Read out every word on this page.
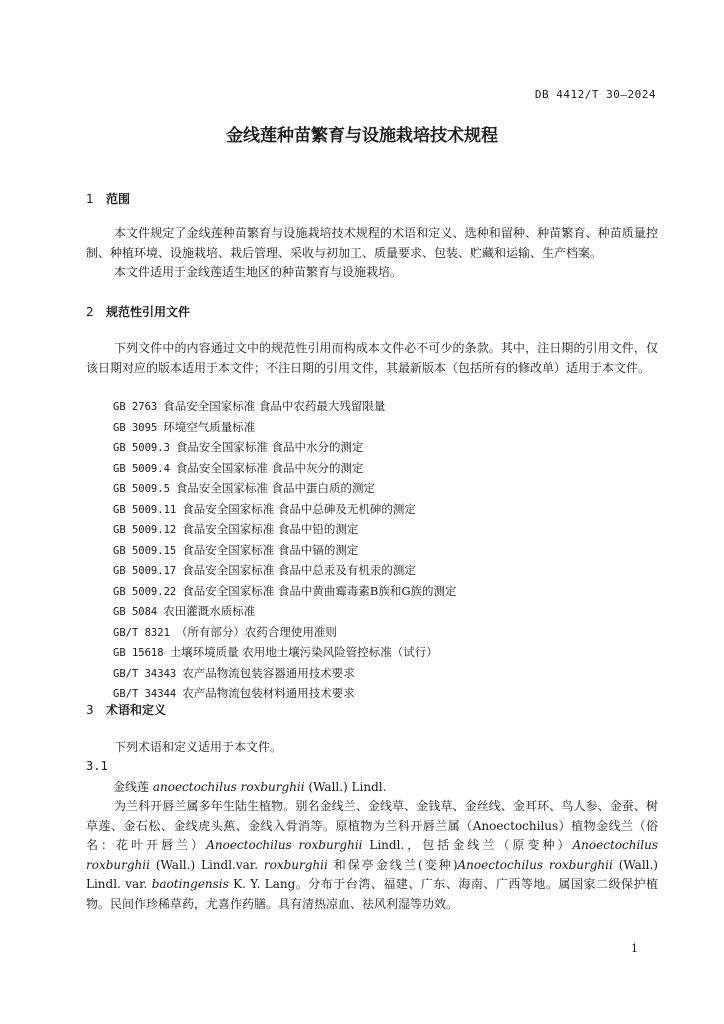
DB 4412/T 30—2024
金线莲种苗繁育与设施栽培技术规程
1 范围
本文件规定了金线莲种苗繁育与设施栽培技术规程的术语和定义、选种和留种、种苗繁育、种苗质量控制、种植环境、设施栽培、栽后管理、采收与初加工、质量要求、包装、贮藏和运输、生产档案。
本文件适用于金线莲适生地区的种苗繁育与设施栽培。
2 规范性引用文件
下列文件中的内容通过文中的规范性引用而构成本文件必不可少的条款。其中，注日期的引用文件，仅该日期对应的版本适用于本文件；不注日期的引用文件，其最新版本（包括所有的修改单）适用于本文件。
GB 2763 食品安全国家标准 食品中农药最大残留限量
GB 3095 环境空气质量标准
GB 5009.3 食品安全国家标准 食品中水分的测定
GB 5009.4 食品安全国家标准 食品中灰分的测定
GB 5009.5 食品安全国家标准 食品中蛋白质的测定
GB 5009.11 食品安全国家标准 食品中总砷及无机砷的测定
GB 5009.12 食品安全国家标准 食品中铅的测定
GB 5009.15 食品安全国家标准 食品中镉的测定
GB 5009.17 食品安全国家标准 食品中总汞及有机汞的测定
GB 5009.22 食品安全国家标准 食品中黄曲霉毒素B族和G族的测定
GB 5084 农田灌溉水质标准
GB/T 8321 （所有部分）农药合理使用准则
GB 15618 土壤环境质量 农用地土壤污染风险管控标准（试行）
GB/T 34343 农产品物流包装容器通用技术要求
GB/T 34344 农产品物流包装材料通用技术要求
3 术语和定义
下列术语和定义适用于本文件。
3.1
金线莲 anoectochilus roxburghii (Wall.) Lindl.
为兰科开唇兰属多年生陆生植物。别名金线兰、金线草、金钱草、金丝线、金耳环、鸟人参、金蚕、树草莲、金石松、金线虎头蕉、金线入骨消等。原植物为兰科开唇兰属（Anoectochilus）植物金线兰（俗名：花叶开唇兰）Anoectochilus roxburghii Lindl.，包括金线兰（原变种）Anoectochilus roxburghii (Wall.) Lindl.var. roxburghii 和保亭金线兰(变种)Anoectochilus roxburghii (Wall.) Lindl. var. baotingensis K. Y. Lang。分布于台湾、福建、广东、海南、广西等地。属国家二级保护植物。民间作珍稀草药，尤喜作药膳。具有清热凉血、祛风利湿等功效。
1
